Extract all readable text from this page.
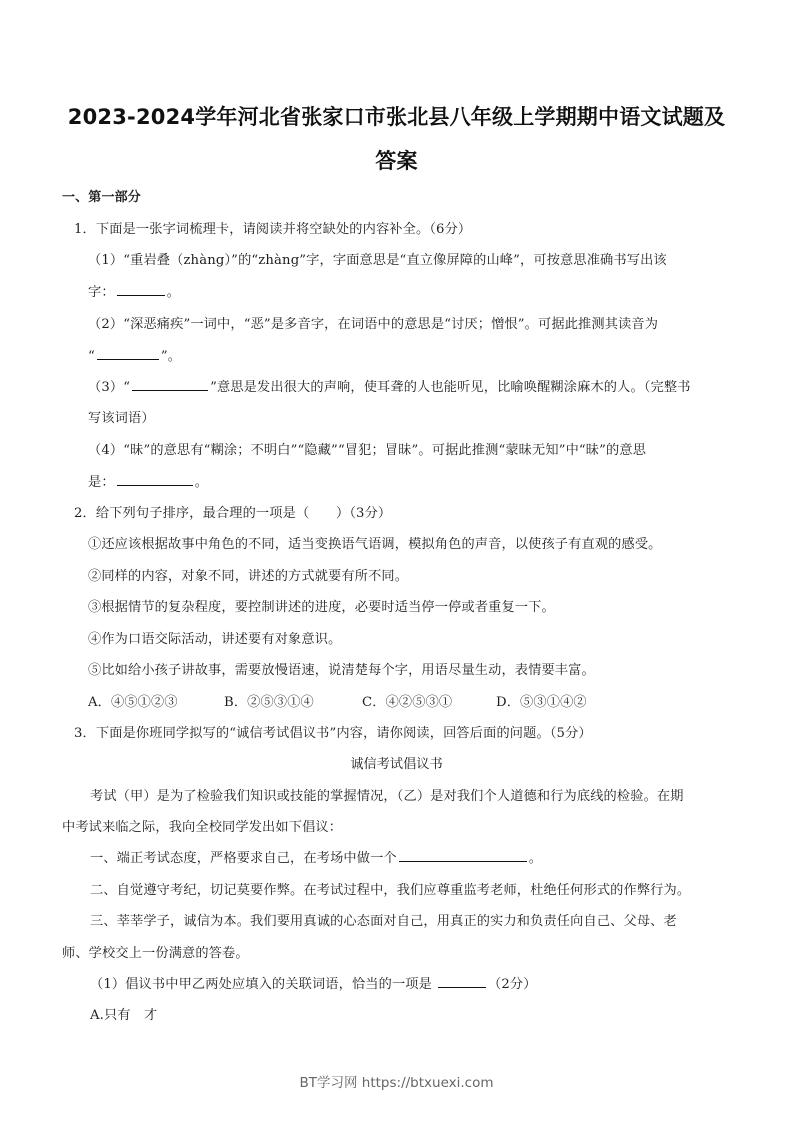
2023-2024学年河北省张家口市张北县八年级上学期期中语文试题及
答案
一、第一部分
1．下面是一张字词梳理卡，请阅读并将空缺处的内容补全。（6分）
（1）“重岩叠（zhàng）”的“zhàng”字，字面意思是“直立像屏障的山峰”，可按意思准确书写出该
字：	。
（2）“深恶痛疾”一词中，“恶”是多音字，在词语中的意思是“讨厌；憎恨”。可据此推测其读音为
“	”。
（3）“	”意思是发出很大的声响，使耳聋的人也能听见，比喻唤醒糊涂麻木的人。（完整书
写该词语）
（4）“昧”的意思有“糊涂；不明白”“隐藏”“冒犯；冒昧”。可据此推测“蒙昧无知”中“昧”的意思
是：	。
2．给下列句子排序，最合理的一项是（　　）（3分）
①还应该根据故事中角色的不同，适当变换语气语调，模拟角色的声音，以使孩子有直观的感受。
②同样的内容，对象不同，讲述的方式就要有所不同。
③根据情节的复杂程度，要控制讲述的进度，必要时适当停一停或者重复一下。
④作为口语交际活动，讲述要有对象意识。
⑤比如给小孩子讲故事，需要放慢语速，说清楚每个字，用语尽量生动，表情要丰富。
A．④⑤①②③	B．②⑤③①④	C．④②⑤③①	D．⑤③①④②
3．下面是你班同学拟写的“诚信考试倡议书”内容，请你阅读，回答后面的问题。（5分）
诚信考试倡议书
考试（甲）是为了检验我们知识或技能的掌握情况，（乙）是对我们个人道德和行为底线的检验。在期
中考试来临之际，我向全校同学发出如下倡议：
一、端正考试态度，严格要求自己，在考场中做一个	。
二、自觉遵守考纪，切记莫要作弊。在考试过程中，我们应尊重监考老师，杜绝任何形式的作弊行为。
三、莘莘学子，诚信为本。我们要用真诚的心态面对自己，用真正的实力和负责任向自己、父母、老
师、学校交上一份满意的答卷。
（1）倡议书中甲乙两处应填入的关联词语，恰当的一项是	（2分）
A.只有　才
BT学习网 https://btxuexi.com
